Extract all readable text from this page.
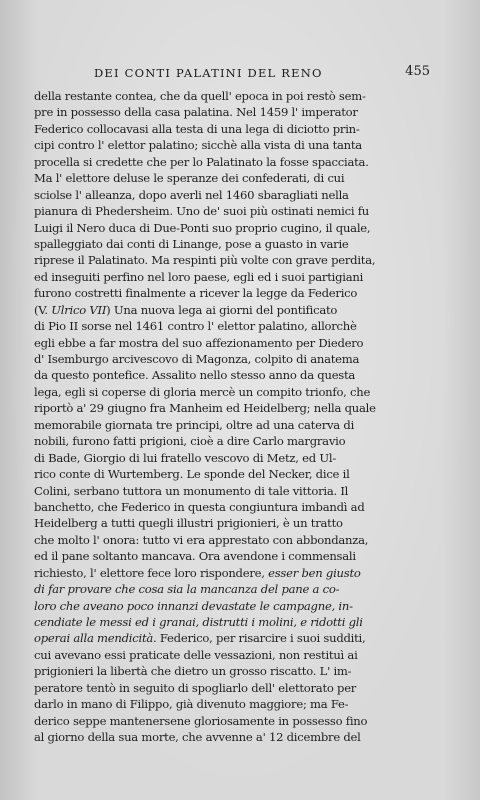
DEI CONTI PALATINI DEL RENO	455
della restante contea, che da quell' epoca in poi restò sem-
pre in possesso della casa palatina. Nel 1459 l' imperator
Federico collocavasi alla testa di una lega di diciotto prin-
cipi contro l' elettor palatino; sicchè alla vista di una tanta
procella si credette che per lo Palatinato la fosse spacciata.
Ma l' elettore deluse le speranze dei confederati, di cui
sciolse l' alleanza, dopo averli nel 1460 sbaragliati nella
pianura di Phedersheim. Uno de' suoi più ostinati nemici fu
Luigi il Nero duca di Due-Ponti suo proprio cugino, il quale,
spalleggiato dai conti di Linange, pose a guasto in varie
riprese il Palatinato. Ma respinti più volte con grave perdita,
ed inseguiti perfino nel loro paese, egli ed i suoi partigiani
furono costretti finalmente a ricever la legge da Federico
(V. Ulrico VII) Una nuova lega ai giorni del pontificato
di Pio II sorse nel 1461 contro l' elettor palatino, allorchè
egli ebbe a far mostra del suo affezionamento per Diedero
d' Isemburgo arcivescovo di Magonza, colpito di anatema
da questo pontefice. Assalito nello stesso anno da questa
lega, egli si coperse di gloria mercè un compito trionfo, che
riportò a' 29 giugno fra Manheim ed Heidelberg; nella quale
memorabile giornata tre principi, oltre ad una caterva di
nobili, furono fatti prigioni, cioè a dire Carlo margravio
di Bade, Giorgio di lui fratello vescovo di Metz, ed Ul-
rico conte di Wurtemberg. Le sponde del Necker, dice il
Colini, serbano tuttora un monumento di tale vittoria. Il
banchetto, che Federico in questa congiuntura imbandì ad
Heidelberg a tutti quegli illustri prigionieri, è un tratto
che molto l' onora: tutto vi era apprestato con abbondanza,
ed il pane soltanto mancava. Ora avendone i commensali
richiesto, l' elettore fece loro rispondere, esser ben giusto
di far provare che cosa sia la mancanza del pane a co-
loro che aveano poco innanzi devastate le campagne, in-
cendiate le messi ed i granai, distrutti i molini, e ridotti gli
operai alla mendicità. Federico, per risarcire i suoi sudditi,
cui avevano essi praticate delle vessazioni, non restituì ai
prigionieri la libertà che dietro un grosso riscatto. L' im-
peratore tentò in seguito di spogliarlo dell' elettorato per
darlo in mano di Filippo, già divenuto maggiore; ma Fe-
derico seppe mantenersene gloriosamente in possesso fino
al giorno della sua morte, che avvenne a' 12 dicembre del
